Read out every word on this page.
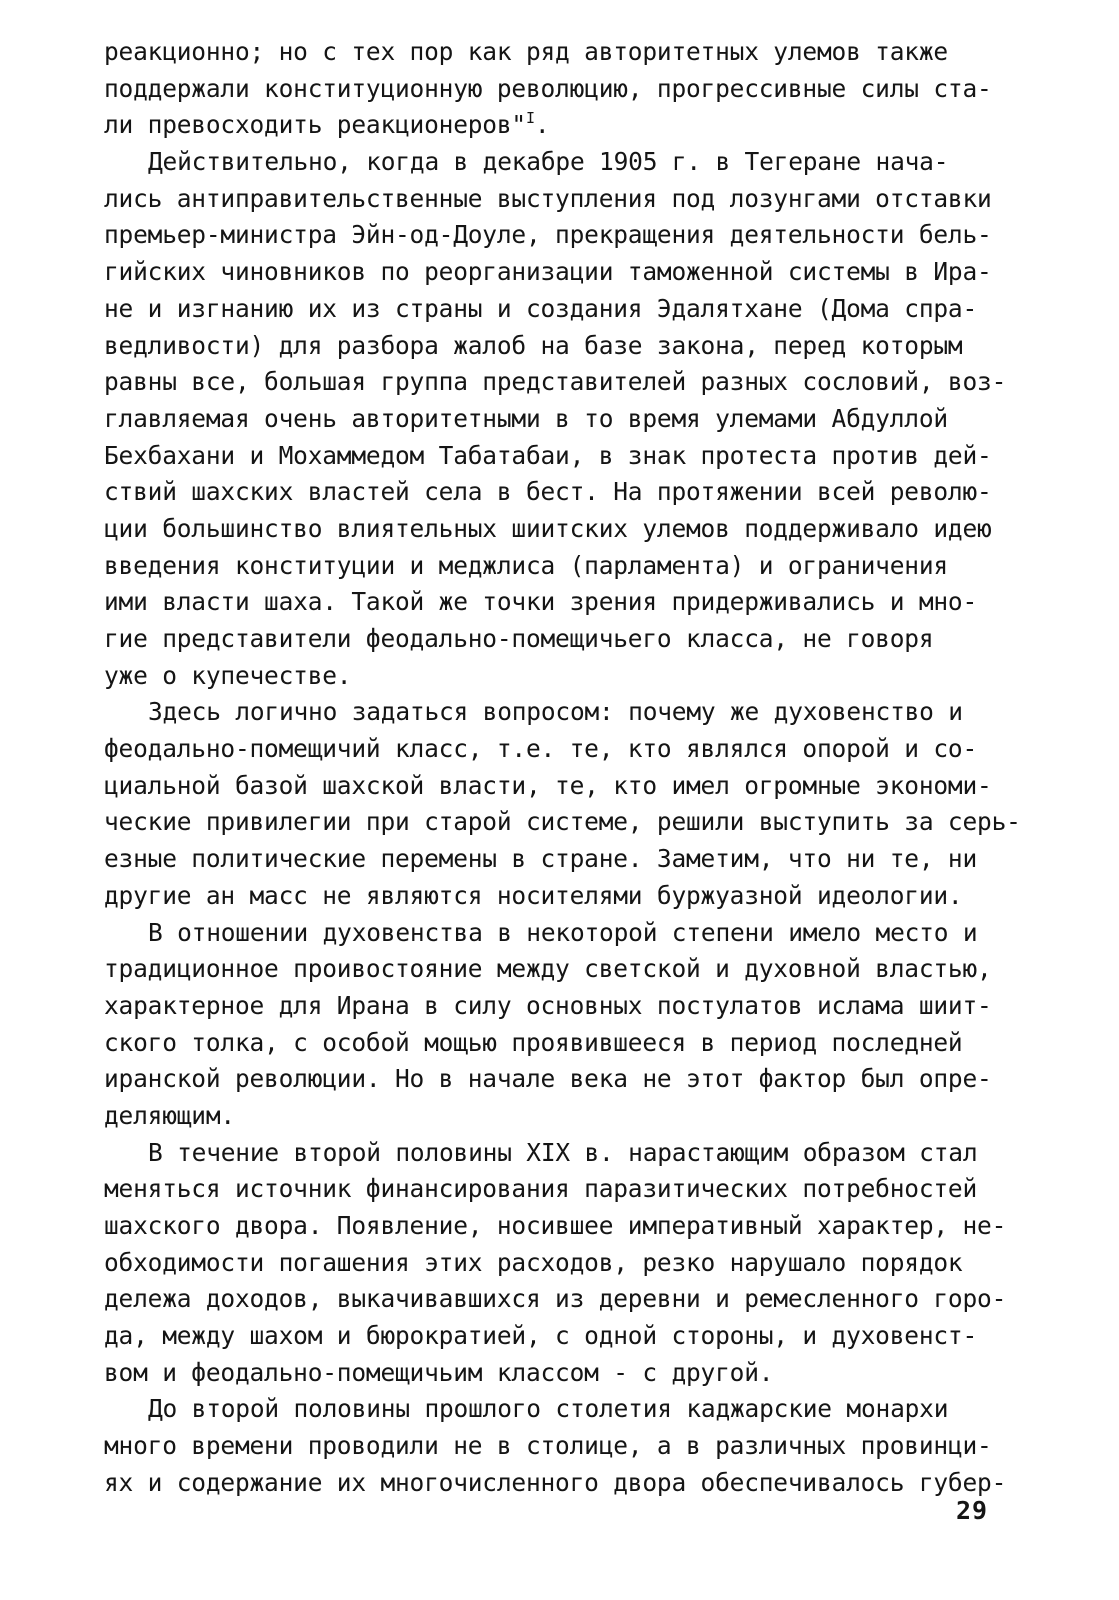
реакционно; но с тех пор как ряд авторитетных улемов также
поддержали конституционную революцию, прогрессивные силы ста-
ли превосходить реакционеров"$^I$.
Действительно, когда в декабре 1905 г. в Тегеране нача-
лись антиправительственные выступления под лозунгами отставки
премьер-министра Эйн-од-Доуле, прекращения деятельности бель-
гийских чиновников по реорганизации таможенной системы в Ира-
не и изгнанию их из страны и создания Эдалятхане (Дома спра-
ведливости) для разбора жалоб на базе закона, перед которым
равны все, большая группа представителей разных сословий, воз-
главляемая очень авторитетными в то время улемами Абдуллой
Бехбахани и Мохаммедом Табатабаи, в знак протеста против дей-
ствий шахских властей села в бест. На протяжении всей револю-
ции большинство влиятельных шиитских улемов поддерживало идею
введения конституции и меджлиса (парламента) и ограничения
ими власти шаха. Такой же точки зрения придерживались и мно-
гие представители феодально-помещичьего класса, не говоря
уже о купечестве.
Здесь логично задаться вопросом: почему же духовенство и
феодально-помещичий класс, т.е. те, кто являлся опорой и со-
циальной базой шахской власти, те, кто имел огромные экономи-
ческие привилегии при старой системе, решили выступить за серь-
езные политические перемены в стране. Заметим, что ни те, ни
другие ан масс не являются носителями буржуазной идеологии.
В отношении духовенства в некоторой степени имело место и
традиционное проивостояние между светской и духовной властью,
характерное для Ирана в силу основных постулатов ислама шиит-
ского толка, с особой мощью проявившееся в период последней
иранской революции. Но в начале века не этот фактор был опре-
деляющим.
В течение второй половины XIX в. нарастающим образом стал
меняться источник финансирования паразитических потребностей
шахского двора. Появление, носившее императивный характер, не-
обходимости погашения этих расходов, резко нарушало порядок
дележа доходов, выкачивавшихся из деревни и ремесленного горо-
да, между шахом и бюрократией, с одной стороны, и духовенст-
вом и феодально-помещичьим классом - с другой.
До второй половины прошлого столетия каджарские монархи
много времени проводили не в столице, а в различных провинци-
ях и содержание их многочисленного двора обеспечивалось губер-
29
